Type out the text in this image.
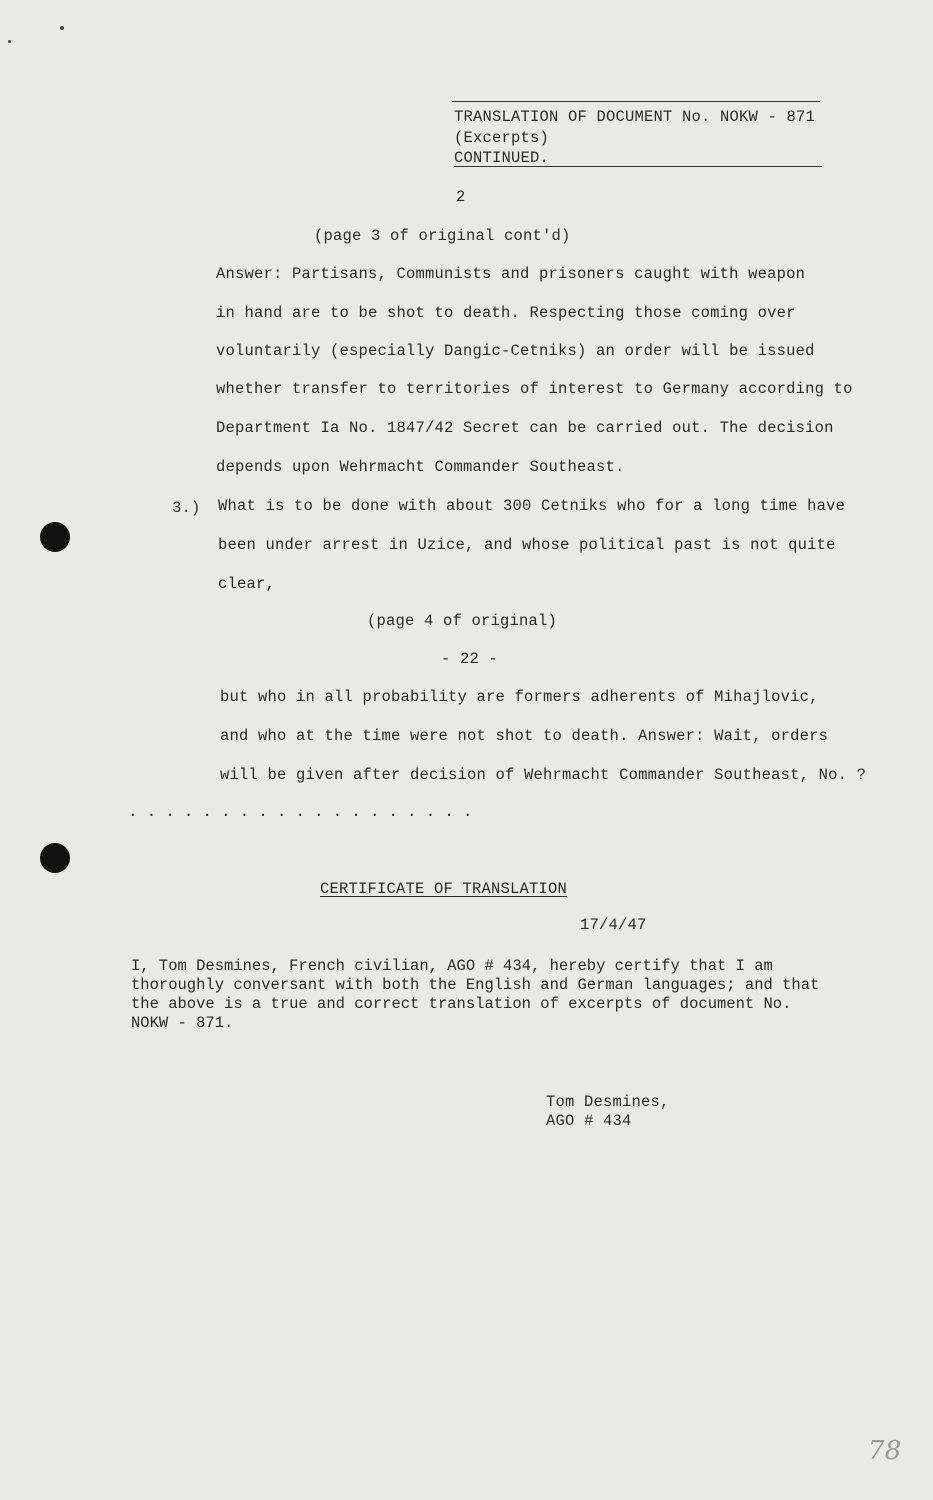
TRANSLATION OF DOCUMENT No. NOKW - 871
(Excerpts)
CONTINUED.
2
(page 3 of original cont'd)
Answer: Partisans, Communists and prisoners caught with weapon
in hand are to be shot to death. Respecting those coming over
voluntarily (especially Dangic-Cetniks) an order will be issued
whether transfer to territories of interest to Germany according to
Department Ia No. 1847/42 Secret can be carried out. The decision
depends upon Wehrmacht Commander Southeast.
3.) What is to be done with about 300 Cetniks who for a long time have
been under arrest in Uzice, and whose political past is not quite
clear,
(page 4 of original)
- 22 -
but who in all probability are formers adherents of Mihajlovic,
and who at the time were not shot to death. Answer: Wait, orders
will be given after decision of Wehrmacht Commander Southeast, No. ?
...................
CERTIFICATE OF TRANSLATION
17/4/47
I, Tom Desmines, French civilian, AGO # 434, hereby certify that I am
thoroughly conversant with both the English and German languages; and that
the above is a true and correct translation of excerpts of document No.
NOKW - 871.
Tom Desmines,
AGO # 434
78
